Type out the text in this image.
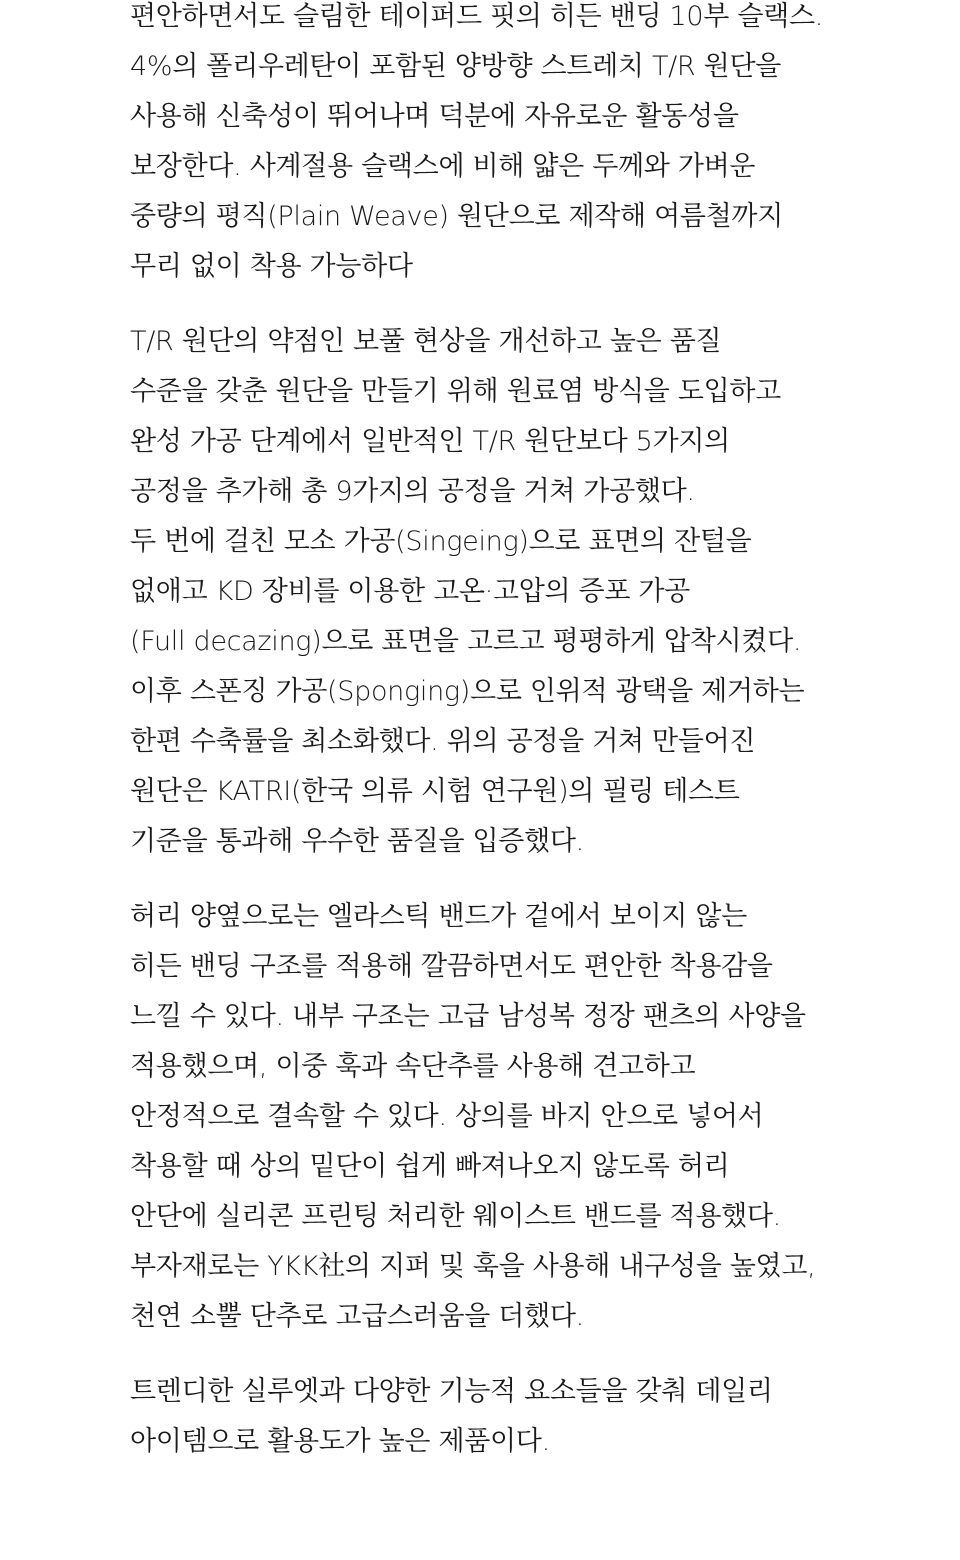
편안하면서도 슬림한 테이퍼드 핏의 히든 밴딩 10부 슬랙스.
4%의 폴리우레탄이 포함된 양방향 스트레치 T/R 원단을
사용해 신축성이 뛰어나며 덕분에 자유로운 활동성을
보장한다. 사계절용 슬랙스에 비해 얇은 두께와 가벼운
중량의 평직(Plain Weave) 원단으로 제작해 여름철까지
무리 없이 착용 가능하다
T/R 원단의 약점인 보풀 현상을 개선하고 높은 품질
수준을 갖춘 원단을 만들기 위해 원료염 방식을 도입하고
완성 가공 단계에서 일반적인 T/R 원단보다 5가지의
공정을 추가해 총 9가지의 공정을 거쳐 가공했다.
두 번에 걸친 모소 가공(Singeing)으로 표면의 잔털을
없애고 KD 장비를 이용한 고온·고압의 증포 가공
(Full decazing)으로 표면을 고르고 평평하게 압착시켰다.
이후 스폰징 가공(Sponging)으로 인위적 광택을 제거하는
한편 수축률을 최소화했다. 위의 공정을 거쳐 만들어진
원단은 KATRI(한국 의류 시험 연구원)의 필링 테스트
기준을 통과해 우수한 품질을 입증했다.
허리 양옆으로는 엘라스틱 밴드가 겉에서 보이지 않는
히든 밴딩 구조를 적용해 깔끔하면서도 편안한 착용감을
느낄 수 있다. 내부 구조는 고급 남성복 정장 팬츠의 사양을
적용했으며, 이중 훅과 속단추를 사용해 견고하고
안정적으로 결속할 수 있다. 상의를 바지 안으로 넣어서
착용할 때 상의 밑단이 쉽게 빠져나오지 않도록 허리
안단에 실리콘 프린팅 처리한 웨이스트 밴드를 적용했다.
부자재로는 YKK社의 지퍼 및 훅을 사용해 내구성을 높였고,
천연 소뿔 단추로 고급스러움을 더했다.
트렌디한 실루엣과 다양한 기능적 요소들을 갖춰 데일리
아이템으로 활용도가 높은 제품이다.
